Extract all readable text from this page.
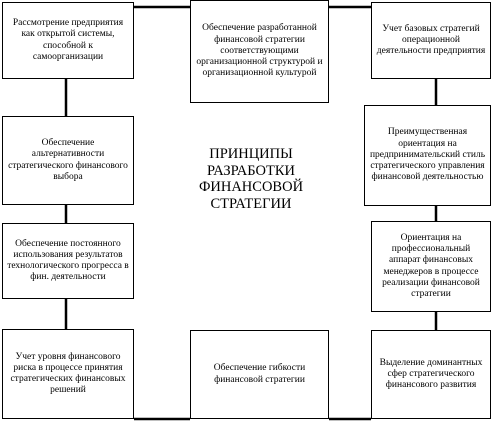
Рассмотрение предприятия как открытой системы, способной к самоорганизации
Обеспечение разработанной финансовой стратегии соответствующими организационной структурой и организационной культурой
Учет базовых стратегий операционной деятельности предприятия
Обеспечение альтернативности стратегического финансового выбора
ПРИНЦИПЫ РАЗРАБОТКИ ФИНАНСОВОЙ СТРАТЕГИИ
Преимущественная ориентация на предпринимательский стиль стратегического управления финансовой деятельностью
Обеспечение постоянного использования результатов технологического прогресса в фин. деятельности
Ориентация на профессиональный аппарат финансовых менеджеров в процессе реализации финансовой стратегии
Учет уровня финансового риска в процессе принятия стратегических финансовых решений
Обеспечение гибкости финансовой стратегии
Выделение доминантных сфер стратегического финансового развития
